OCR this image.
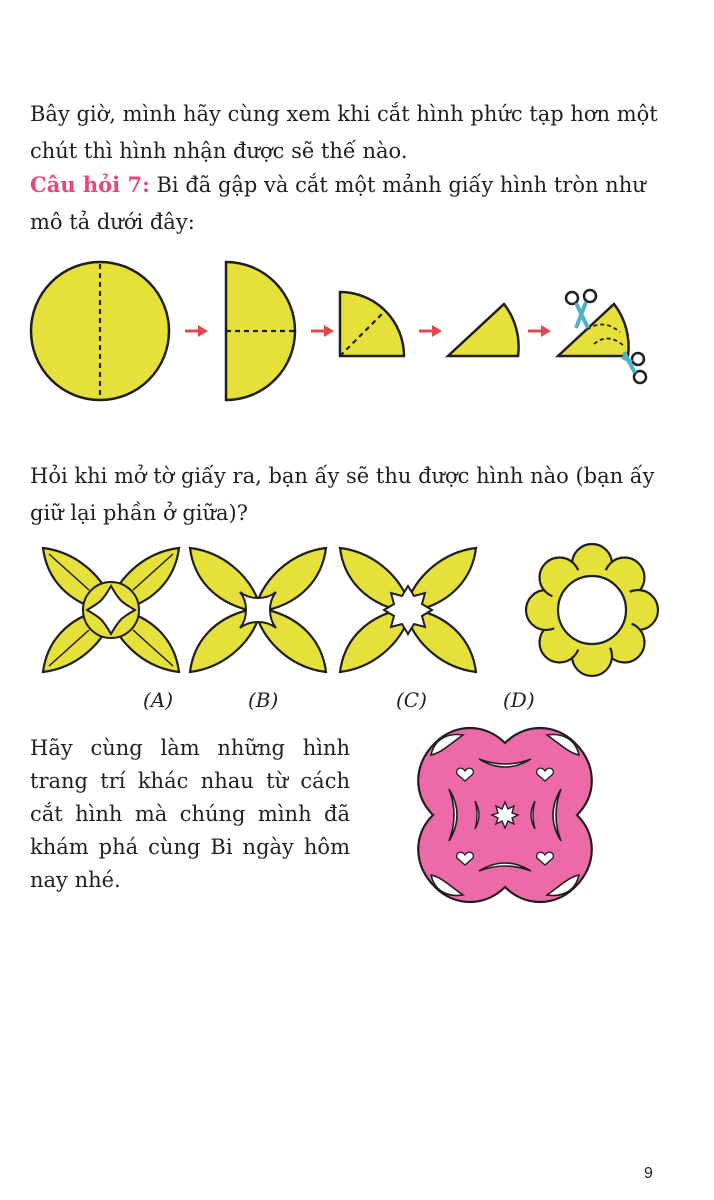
Bây giờ, mình hãy cùng xem khi cắt hình phức tạp hơn một chút thì hình nhận được sẽ thế nào.

Câu hỏi 7: Bi đã gập và cắt một mảnh giấy hình tròn như mô tả dưới đây:

Hỏi khi mở tờ giấy ra, bạn ấy sẽ thu được hình nào (bạn ấy giữ lại phần ở giữa)?

(A)	(B)	(C)	(D)

Hãy cùng làm những hình trang trí khác nhau từ cách cắt hình mà chúng mình đã khám phá cùng Bi ngày hôm nay nhé.

9
